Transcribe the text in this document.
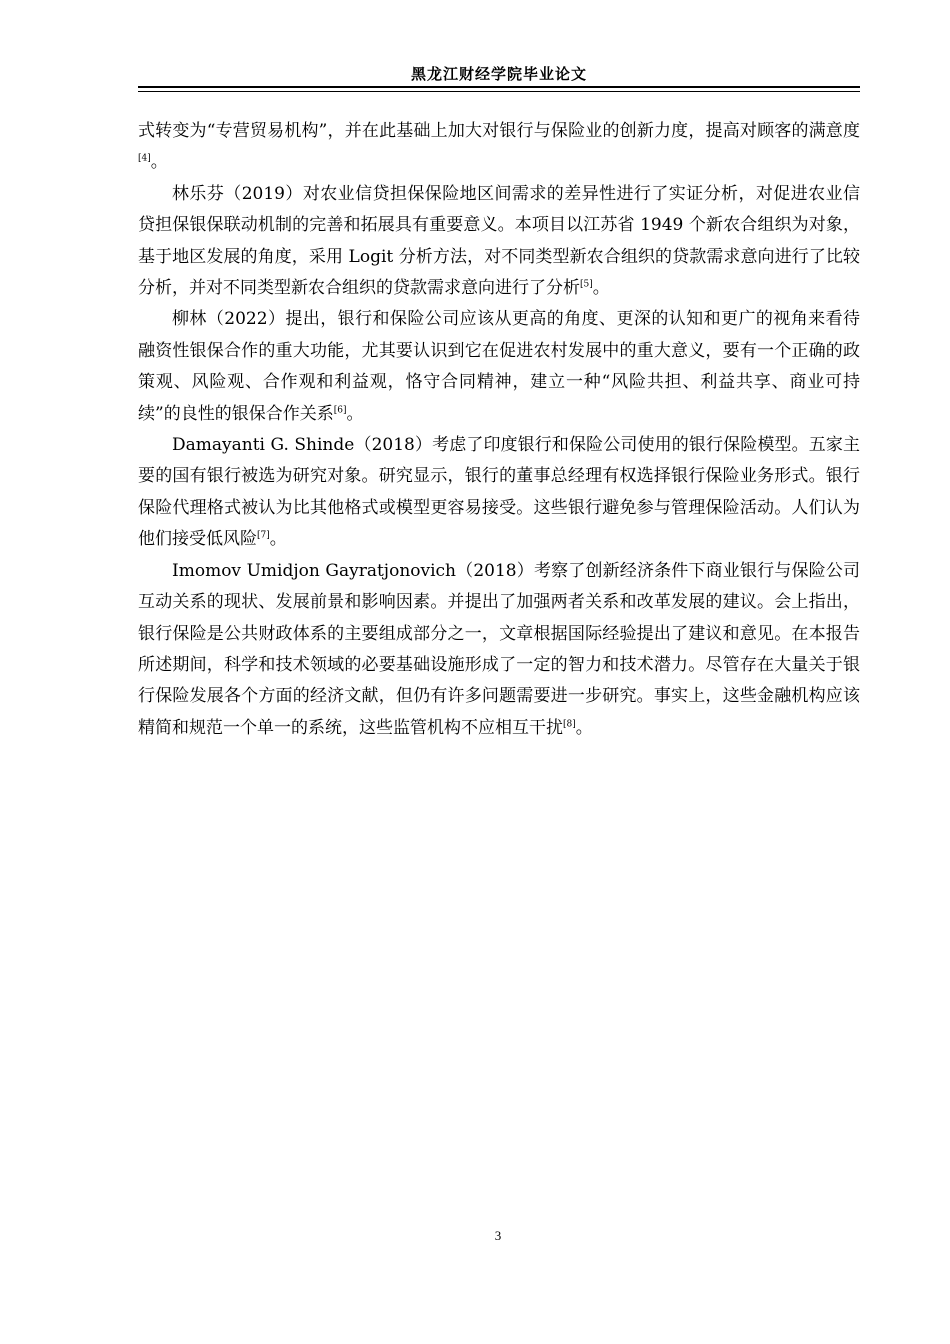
黑龙江财经学院毕业论文

式转变为“专营贸易机构”，并在此基础上加大对银行与保险业的创新力度，提高对顾客的满意度[4]。

林乐芬（2019）对农业信贷担保保险地区间需求的差异性进行了实证分析，对促进农业信贷担保银保联动机制的完善和拓展具有重要意义。本项目以江苏省 1949 个新农合组织为对象，基于地区发展的角度，采用 Logit 分析方法，对不同类型新农合组织的贷款需求意向进行了比较分析，并对不同类型新农合组织的贷款需求意向进行了分析[5]。

柳林（2022）提出，银行和保险公司应该从更高的角度、更深的认知和更广的视角来看待融资性银保合作的重大功能，尤其要认识到它在促进农村发展中的重大意义，要有一个正确的政策观、风险观、合作观和利益观，恪守合同精神，建立一种“风险共担、利益共享、商业可持续”的良性的银保合作关系[6]。

Damayanti G. Shinde（2018）考虑了印度银行和保险公司使用的银行保险模型。五家主要的国有银行被选为研究对象。研究显示，银行的董事总经理有权选择银行保险业务形式。银行保险代理格式被认为比其他格式或模型更容易接受。这些银行避免参与管理保险活动。人们认为他们接受低风险[7]。

Imomov Umidjon Gayratjonovich（2018）考察了创新经济条件下商业银行与保险公司互动关系的现状、发展前景和影响因素。并提出了加强两者关系和改革发展的建议。会上指出，银行保险是公共财政体系的主要组成部分之一，文章根据国际经验提出了建议和意见。在本报告所述期间，科学和技术领域的必要基础设施形成了一定的智力和技术潜力。尽管存在大量关于银行保险发展各个方面的经济文献，但仍有许多问题需要进一步研究。事实上，这些金融机构应该精简和规范一个单一的系统，这些监管机构不应相互干扰[8]。

3
